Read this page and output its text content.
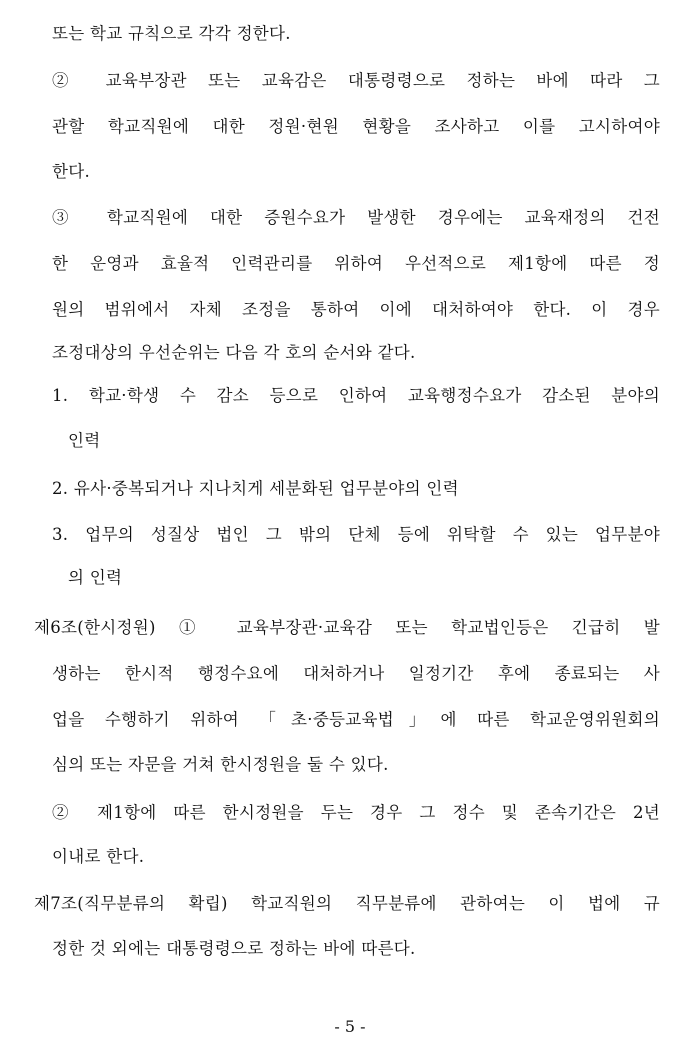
또는 학교 규칙으로 각각 정한다.
② 교육부장관 또는 교육감은 대통령령으로 정하는 바에 따라 그
관할 학교직원에 대한 정원·현원 현황을 조사하고 이를 고시하여야
한다.
③ 학교직원에 대한 증원수요가 발생한 경우에는 교육재정의 건전
한 운영과 효율적 인력관리를 위하여 우선적으로 제1항에 따른 정
원의 범위에서 자체 조정을 통하여 이에 대처하여야 한다. 이 경우
조정대상의 우선순위는 다음 각 호의 순서와 같다.
1. 학교·학생 수 감소 등으로 인하여 교육행정수요가 감소된 분야의
인력
2. 유사·중복되거나 지나치게 세분화된 업무분야의 인력
3. 업무의 성질상 법인 그 밖의 단체 등에 위탁할 수 있는 업무분야
의 인력
제6조(한시정원) ① 교육부장관·교육감 또는 학교법인등은 긴급히 발
생하는 한시적 행정수요에 대처하거나 일정기간 후에 종료되는 사
업을 수행하기 위하여 「초·중등교육법」에 따른 학교운영위원회의
심의 또는 자문을 거쳐 한시정원을 둘 수 있다.
② 제1항에 따른 한시정원을 두는 경우 그 정수 및 존속기간은 2년
이내로 한다.
제7조(직무분류의 확립) 학교직원의 직무분류에 관하여는 이 법에 규
정한 것 외에는 대통령령으로 정하는 바에 따른다.
- 5 -
